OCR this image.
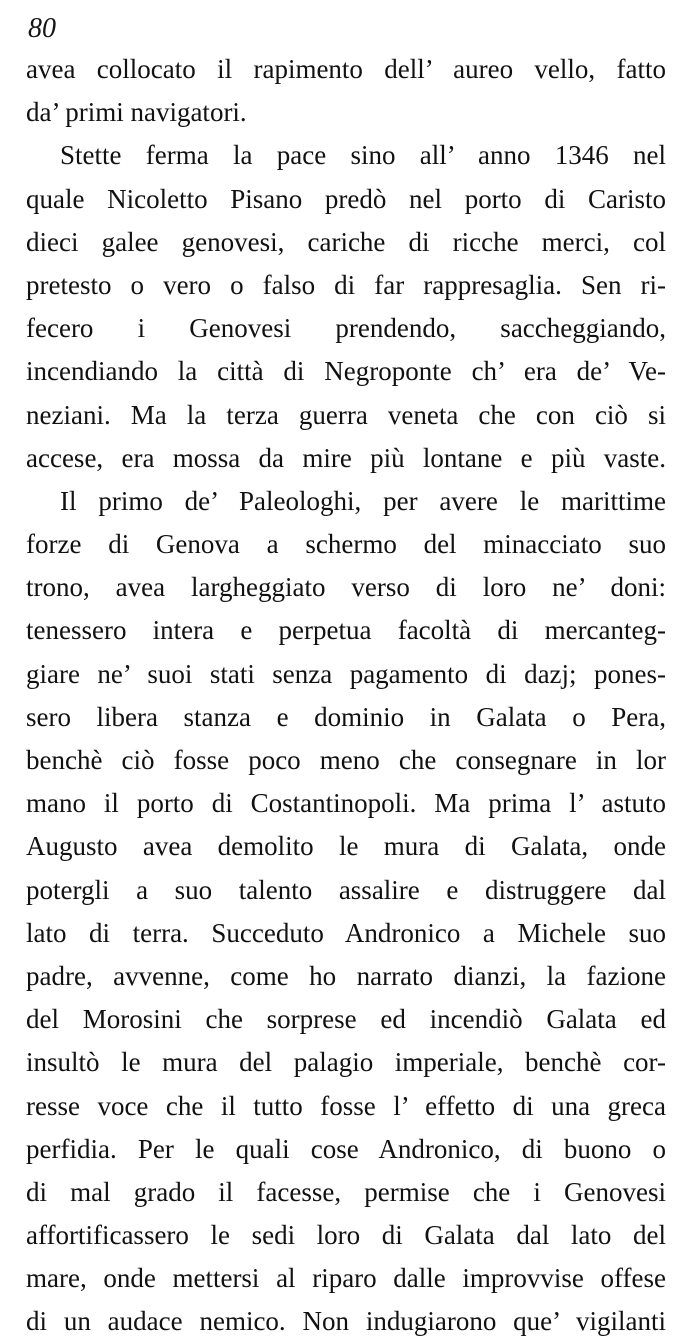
80
avea collocato il rapimento dell’ aureo vello, fatto
da’ primi navigatori.
Stette ferma la pace sino all’ anno 1346 nel
quale Nicoletto Pisano predò nel porto di Caristo
dieci galee genovesi, cariche di ricche merci, col
pretesto o vero o falso di far rappresaglia. Sen ri-
fecero i Genovesi prendendo, saccheggiando,
incendiando la città di Negroponte ch’ era de’ Ve-
neziani. Ma la terza guerra veneta che con ciò si
accese, era mossa da mire più lontane e più vaste.
Il primo de’ Paleologhi, per avere le marittime
forze di Genova a schermo del minacciato suo
trono, avea largheggiato verso di loro ne’ doni:
tenessero intera e perpetua facoltà di mercanteg-
giare ne’ suoi stati senza pagamento di dazj; pones-
sero libera stanza e dominio in Galata o Pera,
benchè ciò fosse poco meno che consegnare in lor
mano il porto di Costantinopoli. Ma prima l’ astuto
Augusto avea demolito le mura di Galata, onde
potergli a suo talento assalire e distruggere dal
lato di terra. Succeduto Andronico a Michele suo
padre, avvenne, come ho narrato dianzi, la fazione
del Morosini che sorprese ed incendiò Galata ed
insultò le mura del palagio imperiale, benchè cor-
resse voce che il tutto fosse l’ effetto di una greca
perfidia. Per le quali cose Andronico, di buono o
di mal grado il facesse, permise che i Genovesi
affortificassero le sedi loro di Galata dal lato del
mare, onde mettersi al riparo dalle improvvise offese
di un audace nemico. Non indugiarono que’ vigilanti
